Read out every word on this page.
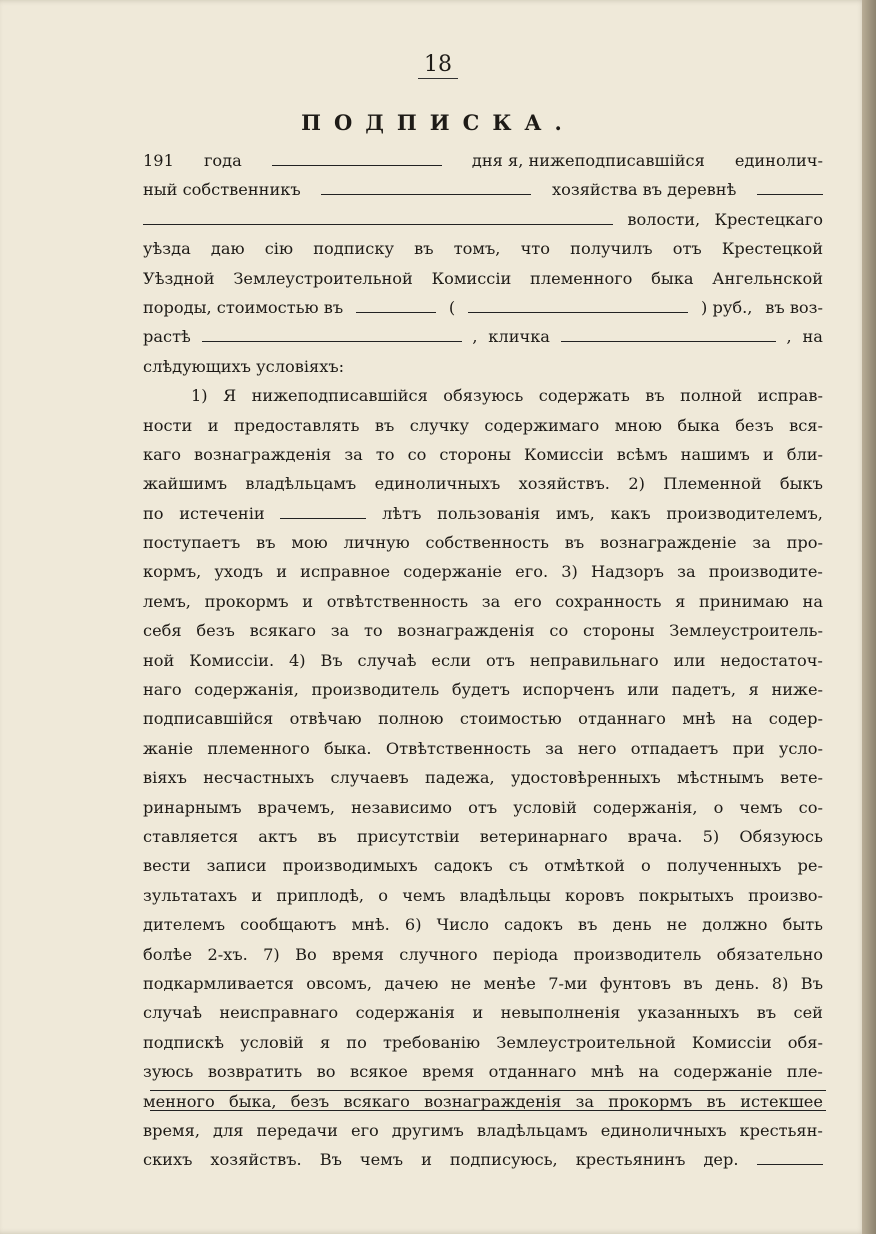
18
ПОДПИСКА.
191 года	дня я, нижеподписавшійся единолич-
ный собственникъ	хозяйства въ деревнѣ
волости, Крестецкаго
уѣзда даю сію подписку въ томъ, что получилъ отъ Крестецкой
Уѣздной Землеустроительной Комиссіи племенного быка Ангельнской
породы, стоимостью въ	(	) руб., въ воз-
растѣ	, кличка	, на
слѣдующихъ условіяхъ:
1) Я нижеподписавшійся обязуюсь содержать въ полной исправ-
ности и предоставлять въ случку содержимаго мною быка безъ вся-
каго вознагражденія за то со стороны Комиссіи всѣмъ нашимъ и бли-
жайшимъ владѣльцамъ единоличныхъ хозяйствъ. 2) Племенной быкъ
по истеченіи	лѣтъ пользованія имъ, какъ производителемъ,
поступаетъ въ мою личную собственность въ вознагражденіе за про-
кормъ, уходъ и исправное содержаніе его. 3) Надзоръ за производите-
лемъ, прокормъ и отвѣтственность за его сохранность я принимаю на
себя безъ всякаго за то вознагражденія со стороны Землеустроитель-
ной Комиссіи. 4) Въ случаѣ если отъ неправильнаго или недостаточ-
наго содержанія, производитель будетъ испорченъ или падетъ, я ниже-
подписавшійся отвѣчаю полною стоимостью отданнаго мнѣ на содер-
жаніе племенного быка. Отвѣтственность за него отпадаетъ при усло-
віяхъ несчастныхъ случаевъ падежа, удостовѣренныхъ мѣстнымъ вете-
ринарнымъ врачемъ, независимо отъ условій содержанія, о чемъ со-
ставляется актъ въ присутствіи ветеринарнаго врача. 5) Обязуюсь
вести записи производимыхъ садокъ съ отмѣткой о полученныхъ ре-
зультатахъ и приплодѣ, о чемъ владѣльцы коровъ покрытыхъ произво-
дителемъ сообщаютъ мнѣ. 6) Число садокъ въ день не должно быть
болѣе 2-хъ. 7) Во время случного періода производитель обязательно
подкармливается овсомъ, дачею не менѣе 7-ми фунтовъ въ день. 8) Въ
случаѣ неисправнаго содержанія и невыполненія указанныхъ въ сей
подпискѣ условій я по требованію Землеустроительной Комиссіи обя-
зуюсь возвратить во всякое время отданнаго мнѣ на содержаніе пле-
менного быка, безъ всякаго вознагражденія за прокормъ въ истекшее
время, для передачи его другимъ владѣльцамъ единоличныхъ крестьян-
скихъ хозяйствъ. Въ чемъ и подписуюсь, крестьянинъ дер.
